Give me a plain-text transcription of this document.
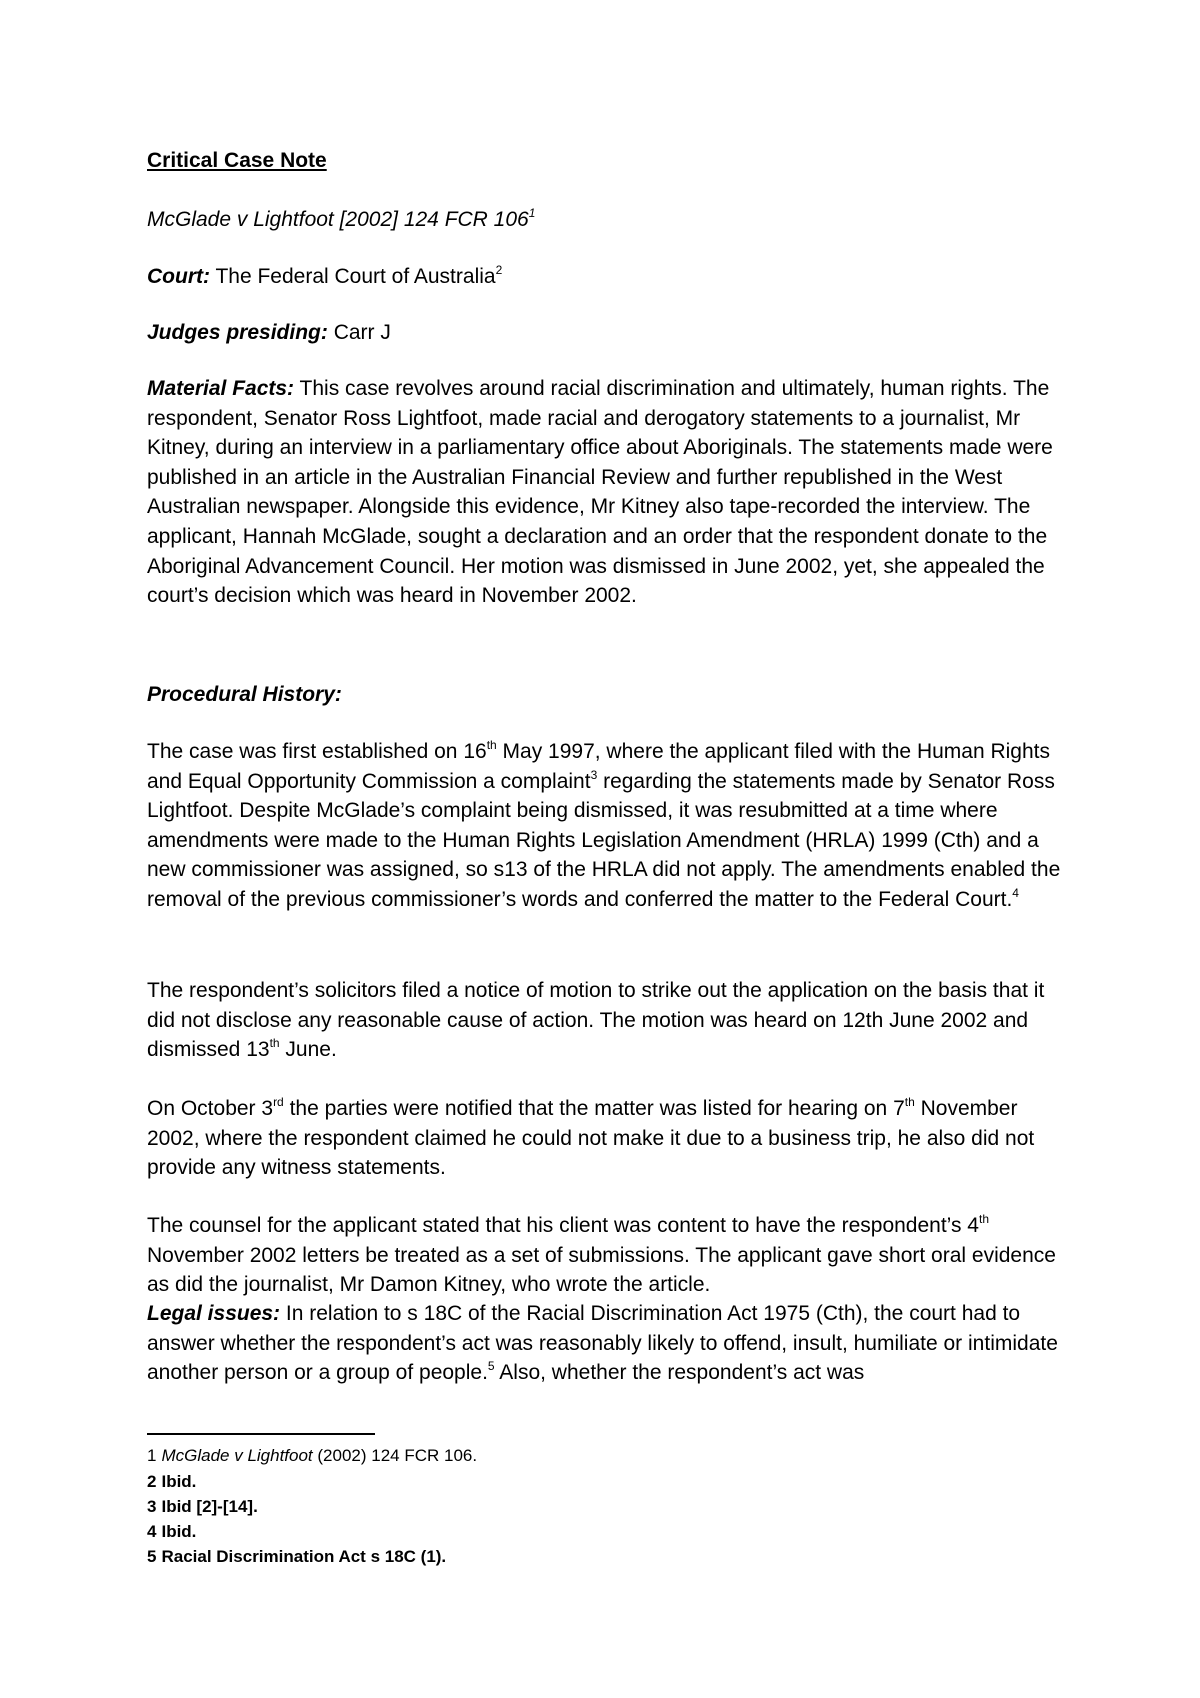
Critical Case Note

McGlade v Lightfoot [2002] 124 FCR $106^1$

Court: The Federal Court of Australia$^2$

Judges presiding: Carr J

Material Facts: This case revolves around racial discrimination and ultimately, human rights. The respondent, Senator Ross Lightfoot, made racial and derogatory statements to a journalist, Mr Kitney, during an interview in a parliamentary office about Aboriginals. The statements made were published in an article in the Australian Financial Review and further republished in the West Australian newspaper. Alongside this evidence, Mr Kitney also tape-recorded the interview. The applicant, Hannah McGlade, sought a declaration and an order that the respondent donate to the Aboriginal Advancement Council. Her motion was dismissed in June 2002, yet, she appealed the court’s decision which was heard in November 2002.

Procedural History:

The case was first established on 16th May 1997, where the applicant filed with the Human Rights and Equal Opportunity Commission a complaint$^3$ regarding the statements made by Senator Ross Lightfoot. Despite McGlade’s complaint being dismissed, it was resubmitted at a time where amendments were made to the Human Rights Legislation Amendment (HRLA) 1999 (Cth) and a new commissioner was assigned, so s13 of the HRLA did not apply. The amendments enabled the removal of the previous commissioner’s words and conferred the matter to the Federal Court.$^4$

The respondent’s solicitors filed a notice of motion to strike out the application on the basis that it did not disclose any reasonable cause of action. The motion was heard on 12th June 2002 and dismissed 13th June.

On October 3rd the parties were notified that the matter was listed for hearing on 7th November 2002, where the respondent claimed he could not make it due to a business trip, he also did not provide any witness statements.

The counsel for the applicant stated that his client was content to have the respondent’s 4th November 2002 letters be treated as a set of submissions. The applicant gave short oral evidence as did the journalist, Mr Damon Kitney, who wrote the article.

Legal issues: In relation to s 18C of the Racial Discrimination Act 1975 (Cth), the court had to answer whether the respondent’s act was reasonably likely to offend, insult, humiliate or intimidate another person or a group of people.$^5$ Also, whether the respondent’s act was

1 McGlade v Lightfoot (2002) 124 FCR 106.

2 Ibid.

3 Ibid [2]-[14].

4 Ibid.

5 Racial Discrimination Act s 18C (1).
